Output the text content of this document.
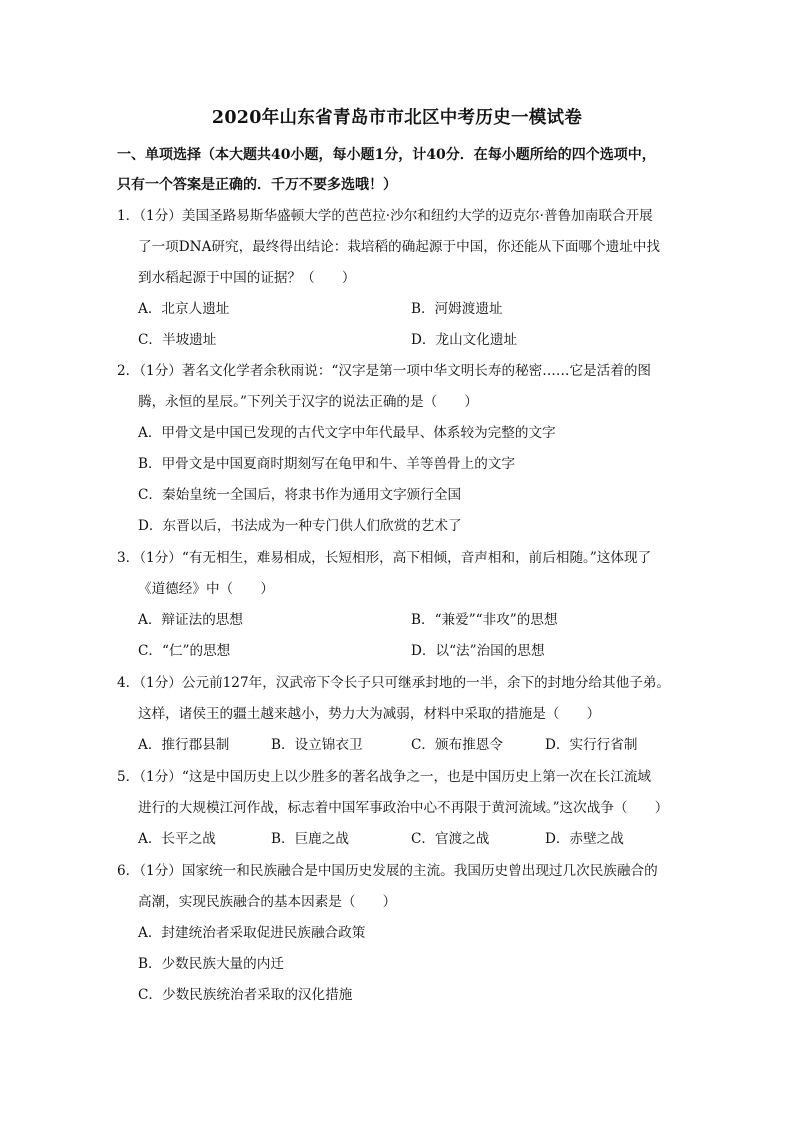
2020年山东省青岛市市北区中考历史一模试卷
一、单项选择（本大题共40小题，每小题1分，计40分．在每小题所给的四个选项中，
只有一个答案是正确的．千万不要多选哦！）
1．（1分）美国圣路易斯华盛顿大学的芭芭拉·沙尔和纽约大学的迈克尔·普鲁加南联合开展
了一项DNA研究，最终得出结论：栽培稻的确起源于中国，你还能从下面哪个遗址中找
到水稻起源于中国的证据？（　　）
A．北京人遗址	B．河姆渡遗址
C．半坡遗址	D．龙山文化遗址
2．（1分）著名文化学者余秋雨说：“汉字是第一项中华文明长寿的秘密……它是活着的图
腾，永恒的星辰。”下列关于汉字的说法正确的是（　　）
A．甲骨文是中国已发现的古代文字中年代最早、体系较为完整的文字
B．甲骨文是中国夏商时期刻写在龟甲和牛、羊等兽骨上的文字
C．秦始皇统一全国后，将隶书作为通用文字颁行全国
D．东晋以后，书法成为一种专门供人们欣赏的艺术了
3．（1分）“有无相生，难易相成，长短相形，高下相倾，音声相和，前后相随。”这体现了
《道德经》中（　　）
A．辩证法的思想	B．“兼爱”“非攻”的思想
C．“仁”的思想	D．以“法”治国的思想
4．（1分）公元前127年，汉武帝下令长子只可继承封地的一半，余下的封地分给其他子弟。
这样，诸侯王的疆土越来越小，势力大为减弱，材料中采取的措施是（　　）
A．推行郡县制	B．设立锦衣卫	C．颁布推恩令	D．实行行省制
5．（1分）“这是中国历史上以少胜多的著名战争之一，也是中国历史上第一次在长江流域
进行的大规模江河作战，标志着中国军事政治中心不再限于黄河流域。”这次战争（　　）
A．长平之战	B．巨鹿之战	C．官渡之战	D．赤壁之战
6．（1分）国家统一和民族融合是中国历史发展的主流。我国历史曾出现过几次民族融合的
高潮，实现民族融合的基本因素是（　　）
A．封建统治者采取促进民族融合政策
B．少数民族大量的内迁
C．少数民族统治者采取的汉化措施
